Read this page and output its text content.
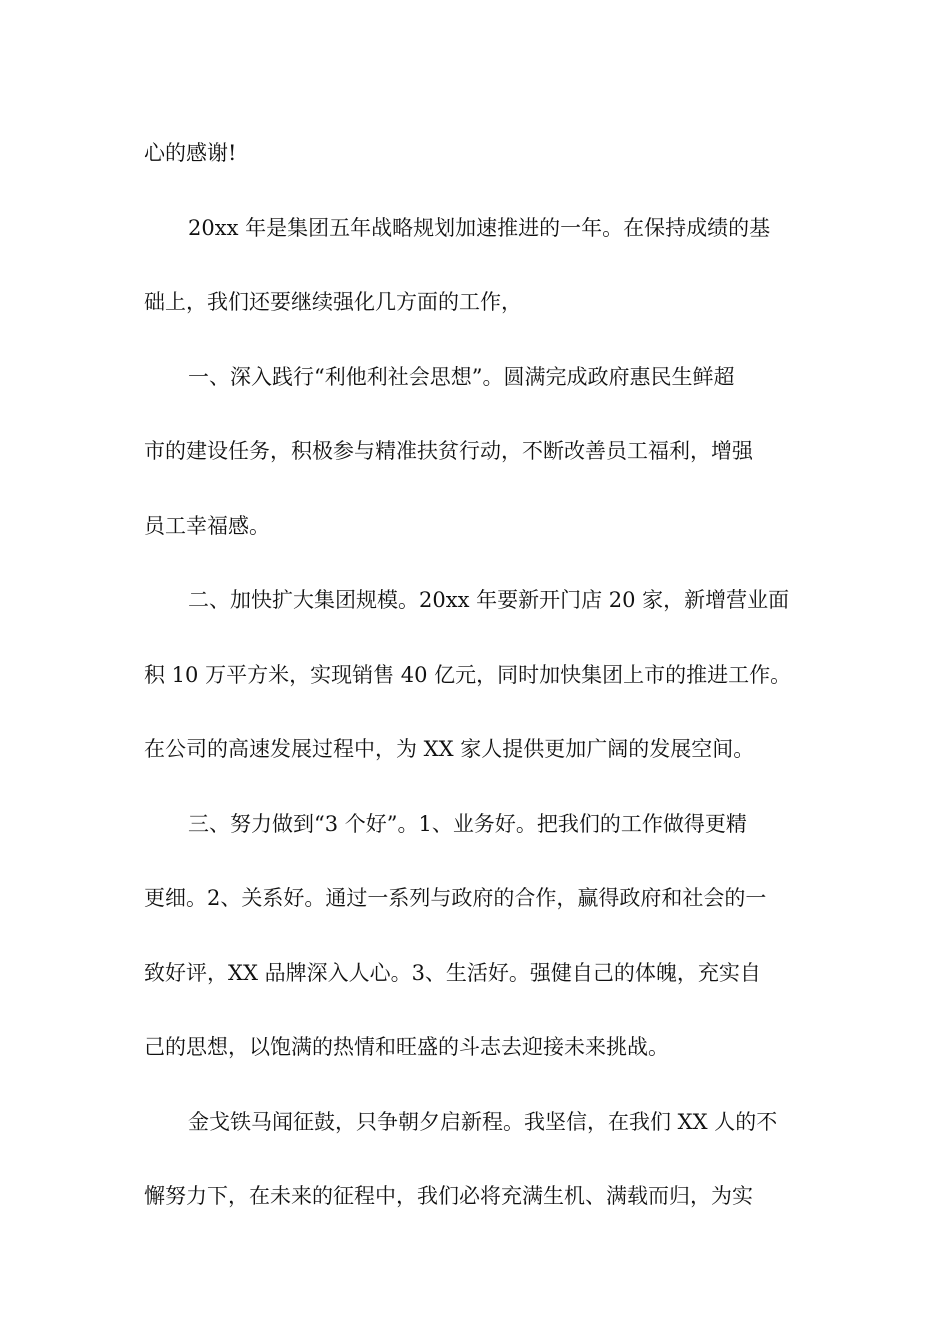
心的感谢!
20xx 年是集团五年战略规划加速推进的一年。在保持成绩的基
础上，我们还要继续强化几方面的工作，
一、深入践行“利他利社会思想”。圆满完成政府惠民生鲜超
市的建设任务，积极参与精准扶贫行动，不断改善员工福利，增强
员工幸福感。
二、加快扩大集团规模。20xx 年要新开门店 20 家，新增营业面
积 10 万平方米，实现销售 40 亿元，同时加快集团上市的推进工作。
在公司的高速发展过程中，为 XX 家人提供更加广阔的发展空间。
三、努力做到“3 个好”。1、业务好。把我们的工作做得更精
更细。2、关系好。通过一系列与政府的合作，赢得政府和社会的一
致好评，XX 品牌深入人心。3、生活好。强健自己的体魄，充实自
己的思想，以饱满的热情和旺盛的斗志去迎接未来挑战。
金戈铁马闻征鼓，只争朝夕启新程。我坚信，在我们 XX 人的不
懈努力下，在未来的征程中，我们必将充满生机、满载而归，为实
